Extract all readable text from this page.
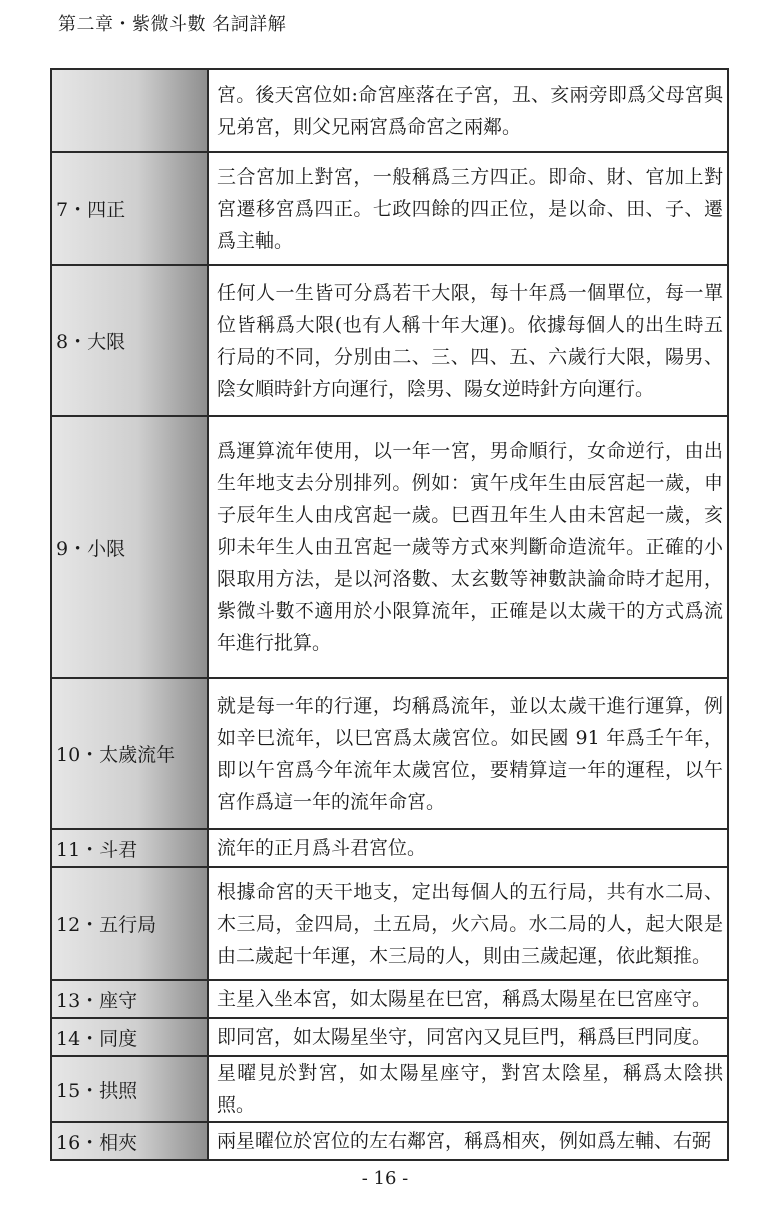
第二章・紫微斗數 名詞詳解
	宮。後天宮位如:命宮座落在子宮，丑、亥兩旁即爲父母宮與兄弟宮，則父兄兩宮爲命宮之兩鄰。
7・四正	三合宮加上對宮，一般稱爲三方四正。即命、財、官加上對宮遷移宮爲四正。七政四餘的四正位，是以命、田、子、遷爲主軸。
8・大限	任何人一生皆可分爲若干大限，每十年爲一個單位，每一單位皆稱爲大限(也有人稱十年大運)。依據每個人的出生時五行局的不同，分別由二、三、四、五、六歲行大限，陽男、陰女順時針方向運行，陰男、陽女逆時針方向運行。
9・小限	爲運算流年使用，以一年一宮，男命順行，女命逆行，由出生年地支去分別排列。例如：寅午戌年生由辰宮起一歲，申子辰年生人由戌宮起一歲。巳酉丑年生人由未宮起一歲，亥卯未年生人由丑宮起一歲等方式來判斷命造流年。正確的小限取用方法，是以河洛數、太玄數等神數訣論命時才起用，紫微斗數不適用於小限算流年，正確是以太歲干的方式爲流年進行批算。
10・太歲流年	就是每一年的行運，均稱爲流年，並以太歲干進行運算，例如辛巳流年，以巳宮爲太歲宮位。如民國 91 年爲壬午年，即以午宮爲今年流年太歲宮位，要精算這一年的運程，以午宮作爲這一年的流年命宮。
11・斗君	流年的正月爲斗君宮位。
12・五行局	根據命宮的天干地支，定出每個人的五行局，共有水二局、木三局，金四局，土五局，火六局。水二局的人，起大限是由二歲起十年運，木三局的人，則由三歲起運，依此類推。
13・座守	主星入坐本宮，如太陽星在巳宮，稱爲太陽星在巳宮座守。
14・同度	即同宮，如太陽星坐守，同宮內又見巨門，稱爲巨門同度。
15・拱照	星曜見於對宮，如太陽星座守，對宮太陰星，稱爲太陰拱照。
16・相夾	兩星曜位於宮位的左右鄰宮，稱爲相夾，例如爲左輔、右弼
- 16 -
